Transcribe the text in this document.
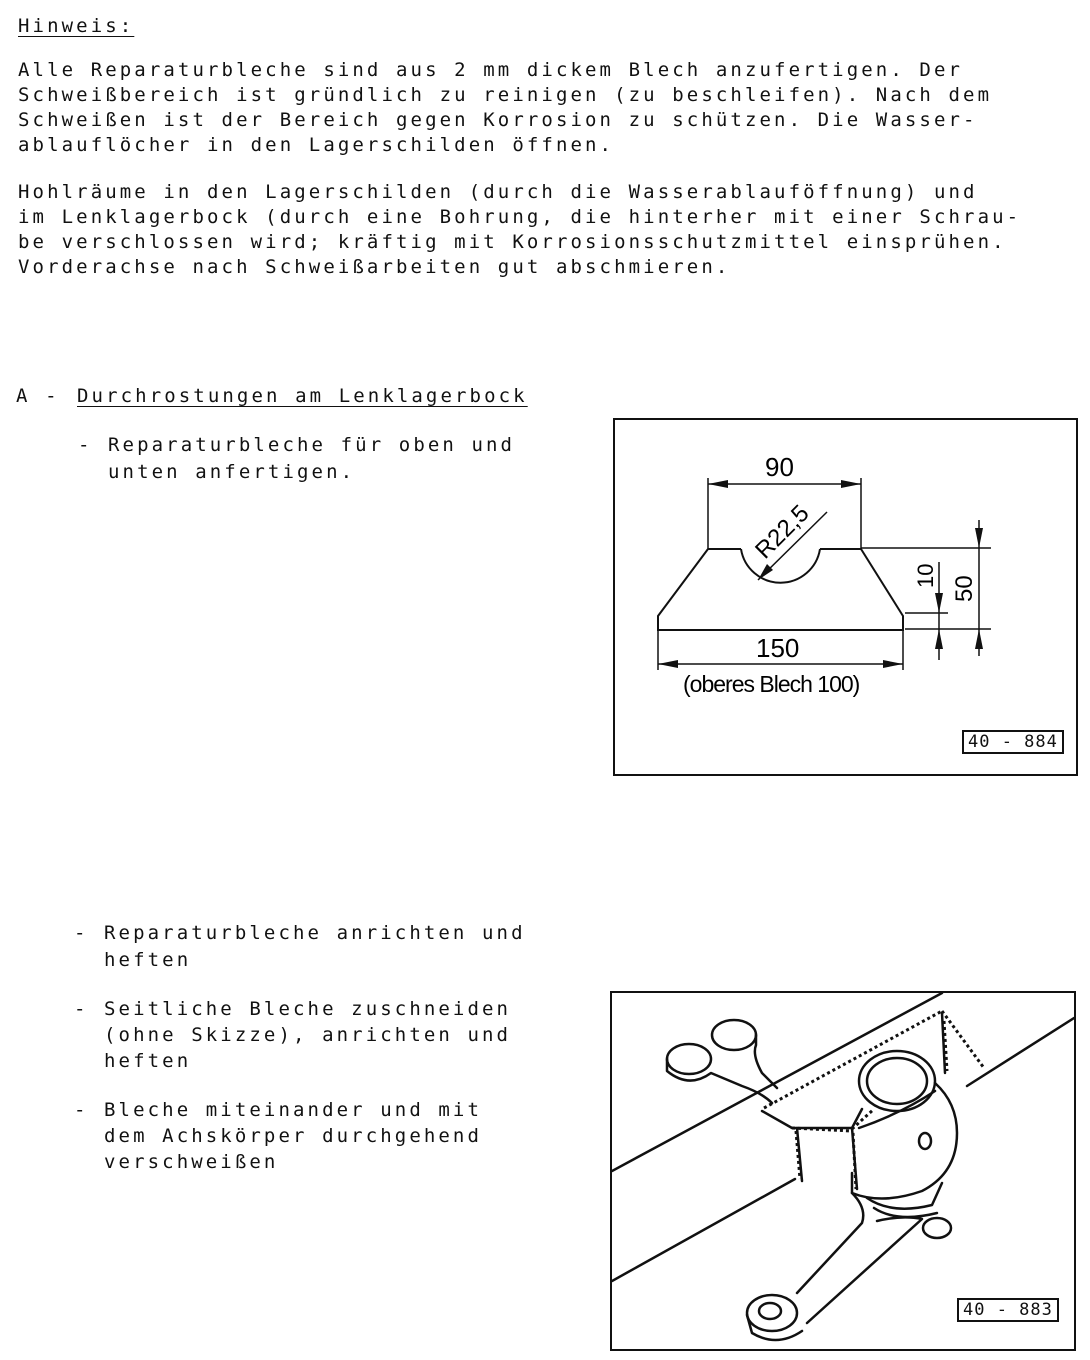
Hinweis:
Alle Reparaturbleche sind aus 2 mm dickem Blech anzufertigen. Der
Schweißbereich ist gründlich zu reinigen (zu beschleifen). Nach dem
Schweißen ist der Bereich gegen Korrosion zu schützen. Die Wasser-
ablauflöcher in den Lagerschilden öffnen.
Hohlräume in den Lagerschilden (durch die Wasserablauföffnung) und
im Lenklagerbock (durch eine Bohrung, die hinterher mit einer Schrau-
be verschlossen wird; kräftig mit Korrosionsschutzmittel einsprühen.
Vorderachse nach Schweißarbeiten gut abschmieren.
A - Durchrostungen am Lenklagerbock
- Reparaturbleche für oben und
unten anfertigen.	90
R22,5
10 50
150
(oberes Blech 100)
40 - 884
- Reparaturbleche anrichten und
heften
- Seitliche Bleche zuschneiden
(ohne Skizze), anrichten und
heften
- Bleche miteinander und mit
dem Achskörper durchgehend
verschweißen
40 - 883
